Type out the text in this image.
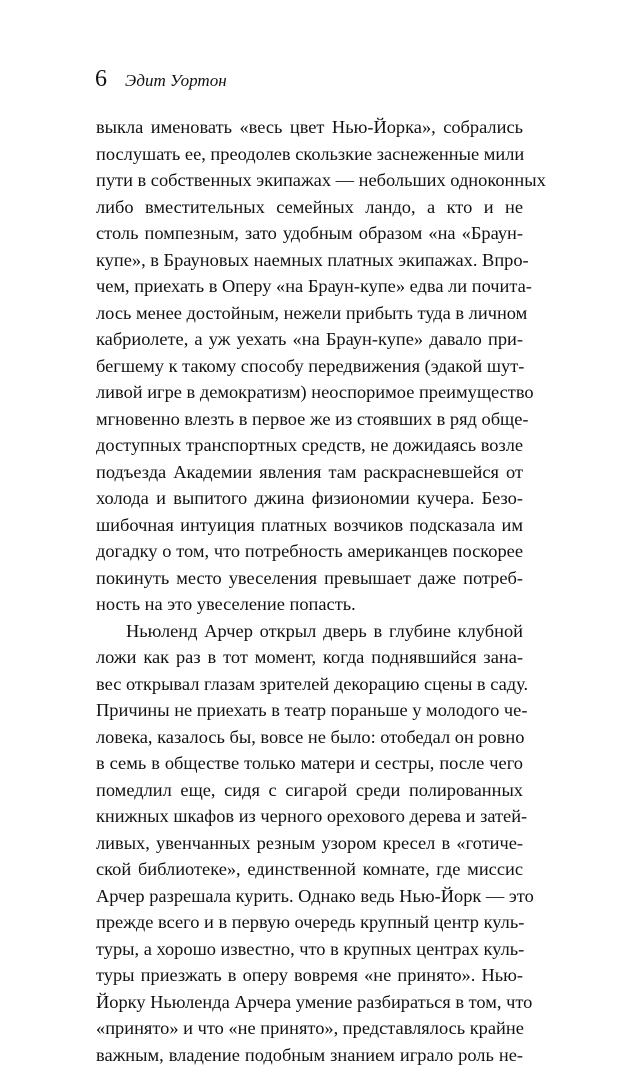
6 Эдит Уортон
выкла именовать «весь цвет Нью-Йорка», собрались
послушать ее, преодолев скользкие заснеженные мили
пути в собственных экипажах — небольших одноконных
либо вместительных семейных ландо, а кто и не
столь помпезным, зато удобным образом «на «Браун-
купе», в Брауновых наемных платных экипажах. Впро-
чем, приехать в Оперу «на Браун-купе» едва ли почита-
лось менее достойным, нежели прибыть туда в личном
кабриолете, а уж уехать «на Браун-купе» давало при-
бегшему к такому способу передвижения (эдакой шут-
ливой игре в демократизм) неоспоримое преимущество
мгновенно влезть в первое же из стоявших в ряд обще-
доступных транспортных средств, не дожидаясь возле
подъезда Академии явления там раскрасневшейся от
холода и выпитого джина физиономии кучера. Безо-
шибочная интуиция платных возчиков подсказала им
догадку о том, что потребность американцев поскорее
покинуть место увеселения превышает даже потреб-
ность на это увеселение попасть.
Ньюленд Арчер открыл дверь в глубине клубной
ложи как раз в тот момент, когда поднявшийся зана-
вес открывал глазам зрителей декорацию сцены в саду.
Причины не приехать в театр пораньше у молодого че-
ловека, казалось бы, вовсе не было: отобедал он ровно
в семь в обществе только матери и сестры, после чего
помедлил еще, сидя с сигарой среди полированных
книжных шкафов из черного орехового дерева и затей-
ливых, увенчанных резным узором кресел в «готиче-
ской библиотеке», единственной комнате, где миссис
Арчер разрешала курить. Однако ведь Нью-Йорк — это
прежде всего и в первую очередь крупный центр куль-
туры, а хорошо известно, что в крупных центрах куль-
туры приезжать в оперу вовремя «не принято». Нью-
Йорку Ньюленда Арчера умение разбираться в том, что
«принято» и что «не принято», представлялось крайне
важным, владение подобным знанием играло роль не-
